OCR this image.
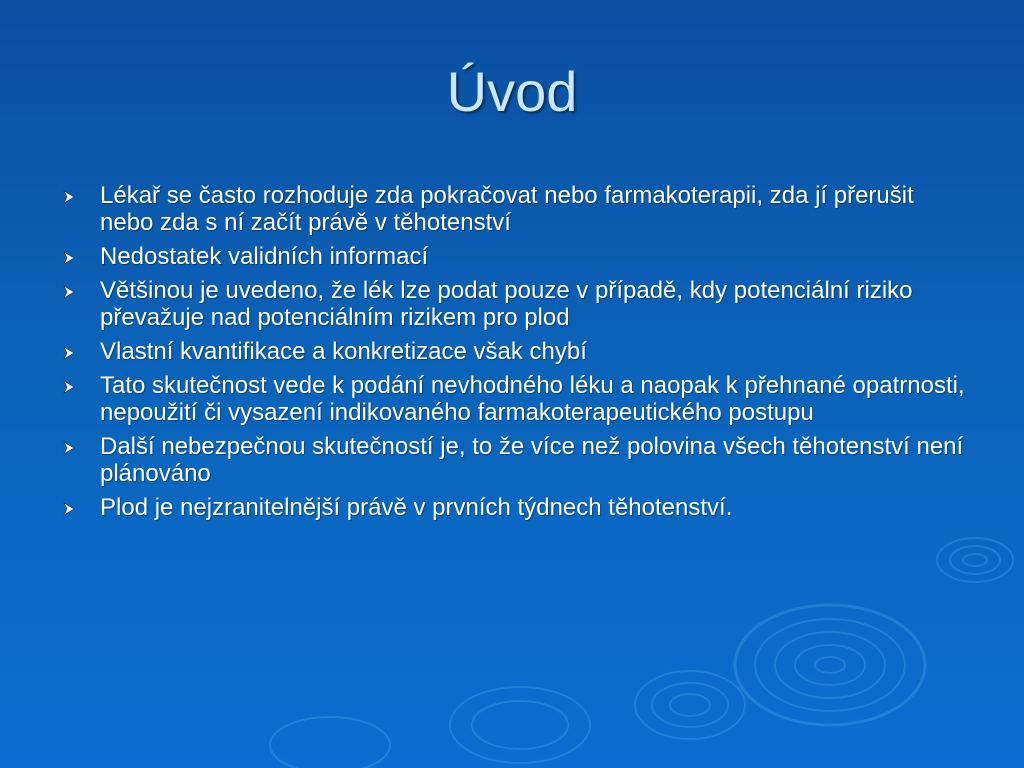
Úvod
Lékař se často rozhoduje zda pokračovat nebo farmakoterapii, zda jí přerušit nebo zda s ní začít právě v těhotenství
Nedostatek validních informací
Většinou je uvedeno, že lék lze podat pouze v případě, kdy potenciální riziko převažuje nad potenciálním rizikem pro plod
Vlastní kvantifikace a konkretizace však chybí
Tato skutečnost vede k podání nevhodného léku a naopak k přehnané opatrnosti, nepoužití či vysazení indikovaného farmakoterapeutického postupu
Další nebezpečnou skutečností je, to že více než polovina všech těhotenství není plánováno
Plod je nejzranitelnější právě v prvních týdnech těhotenství.
